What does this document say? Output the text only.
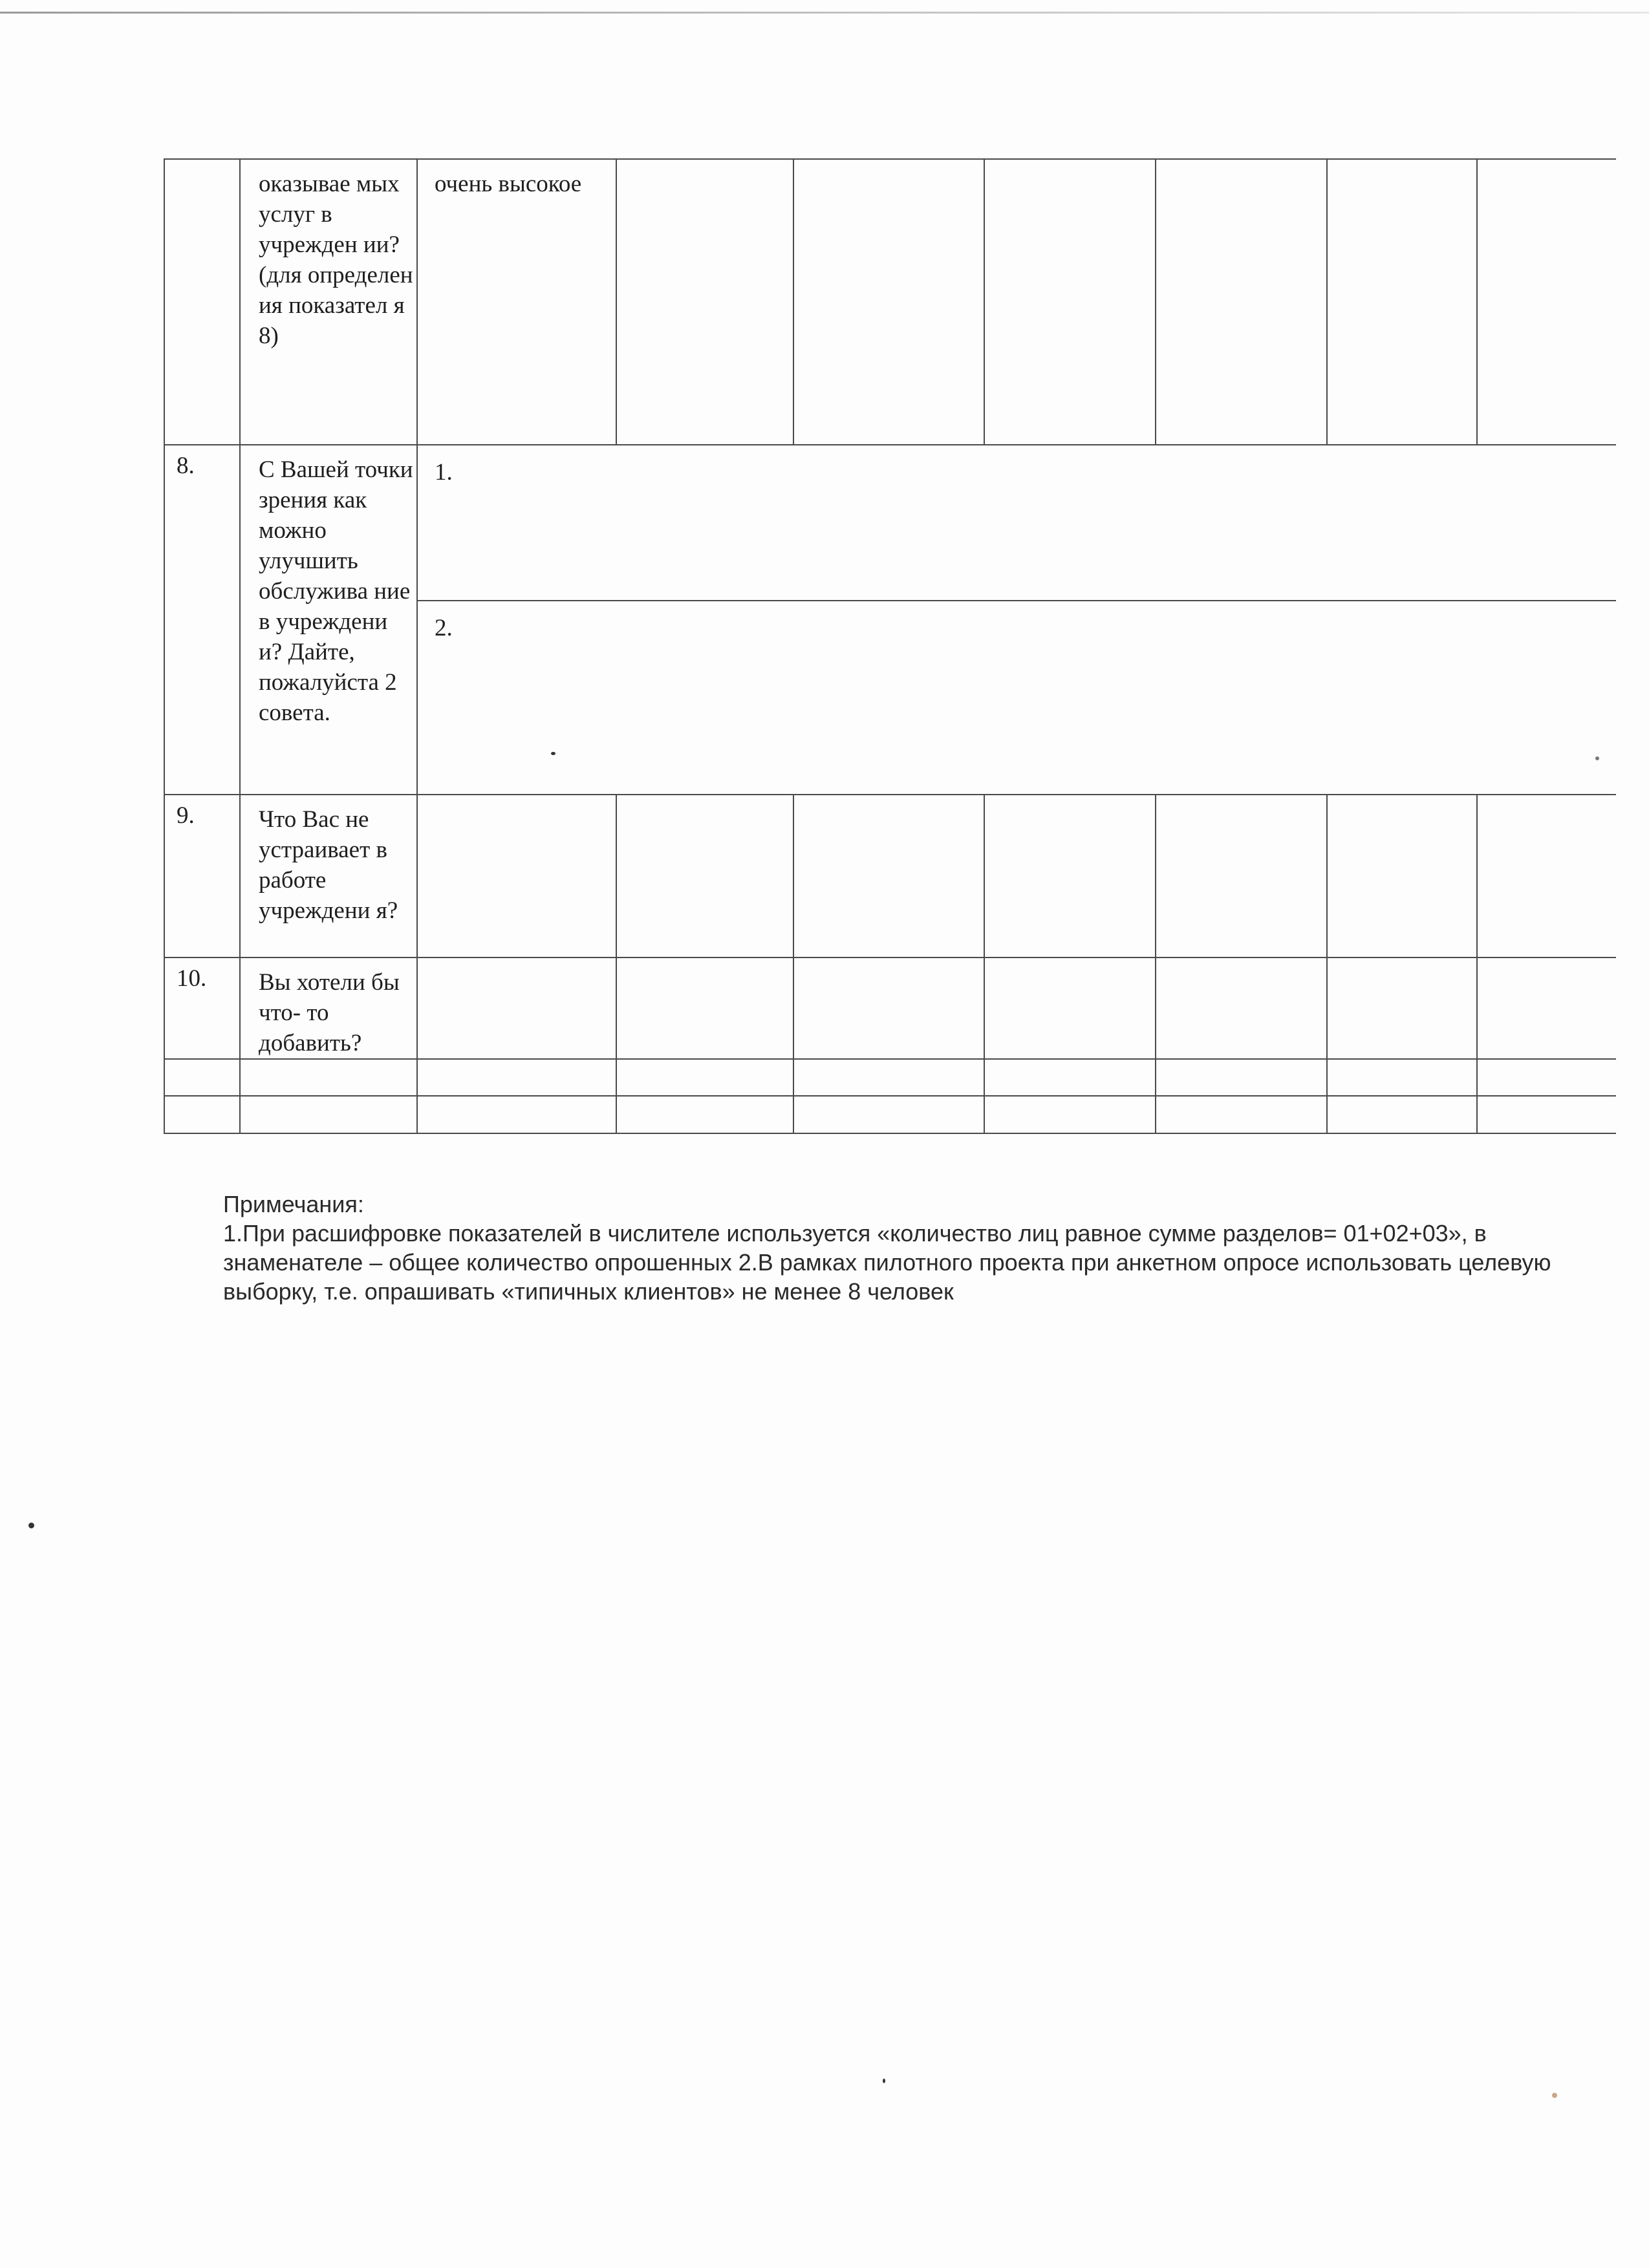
	оказывае мых услуг в учрежден ии? (для определен ия показател я 8)	очень высокое						
8.	С Вашей точки зрения как можно улучшить обслужива ние в учреждени и? Дайте, пожалуйста 2 совета.	1.						
		2.						
9.	Что Вас не устраивает в работе учреждени я?							
10.	Вы хотели бы что- то добавить?							

Примечания:

1.При расшифровке показателей в числителе используется «количество лиц равное сумме разделов= 01+02+03», в знаменателе – общее количество опрошенных 2.В рамках пилотного проекта при анкетном опросе использовать целевую выборку, т.е. опрашивать «типичных клиентов» не менее 8 человек
